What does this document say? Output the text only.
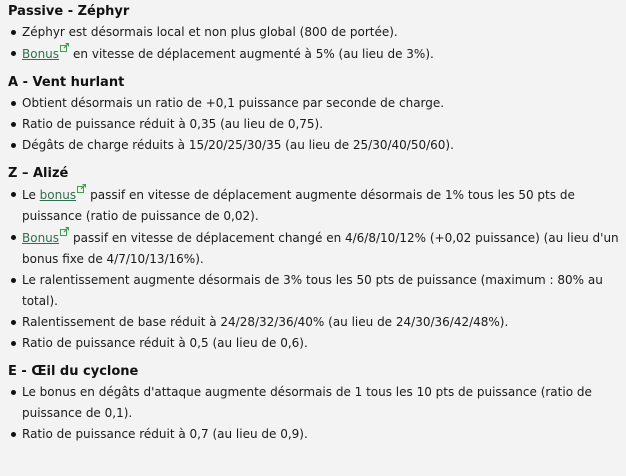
Passive - Zéphyr
Zéphyr est désormais local et non plus global (800 de portée).
Bonus en vitesse de déplacement augmenté à 5% (au lieu de 3%).
A - Vent hurlant
Obtient désormais un ratio de +0,1 puissance par seconde de charge.
Ratio de puissance réduit à 0,35 (au lieu de 0,75).
Dégâts de charge réduits à 15/20/25/30/35 (au lieu de 25/30/40/50/60).
Z – Alizé
Le bonus passif en vitesse de déplacement augmente désormais de 1% tous les 50 pts de puissance (ratio de puissance de 0,02).
Bonus passif en vitesse de déplacement changé en 4/6/8/10/12% (+0,02 puissance) (au lieu d'un bonus fixe de 4/7/10/13/16%).
Le ralentissement augmente désormais de 3% tous les 50 pts de puissance (maximum : 80% au total).
Ralentissement de base réduit à 24/28/32/36/40% (au lieu de 24/30/36/42/48%).
Ratio de puissance réduit à 0,5 (au lieu de 0,6).
E - Œil du cyclone
Le bonus en dégâts d'attaque augmente désormais de 1 tous les 10 pts de puissance (ratio de puissance de 0,1).
Ratio de puissance réduit à 0,7 (au lieu de 0,9).
